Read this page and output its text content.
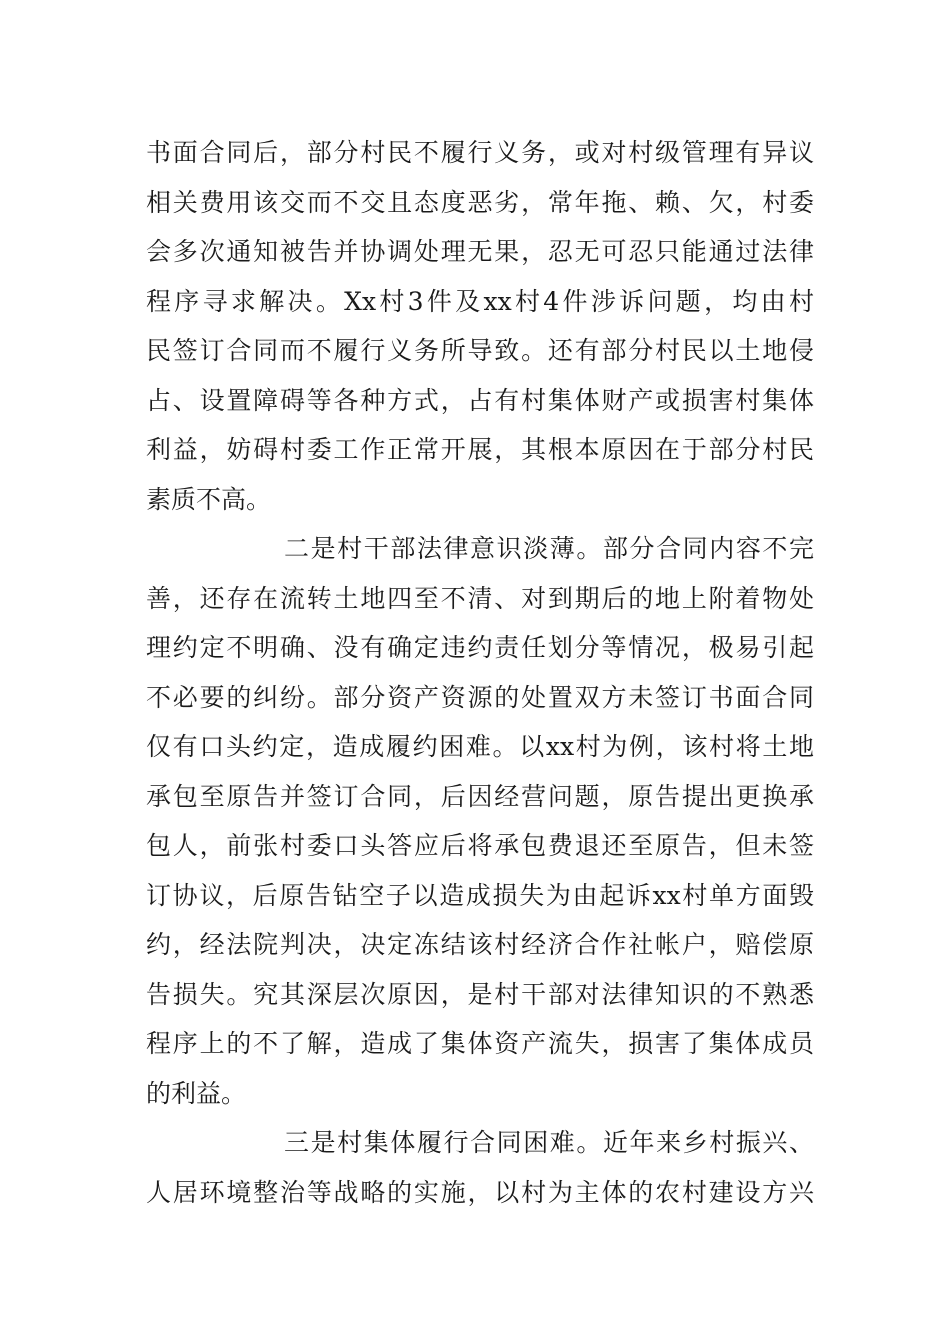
书面合同后，部分村民不履行义务，或对村级管理有异议
相关费用该交而不交且态度恶劣，常年拖、赖、欠，村委
会多次通知被告并协调处理无果，忍无可忍只能通过法律
程序寻求解决。Xx村3件及xx村4件涉诉问题，均由村
民签订合同而不履行义务所导致。还有部分村民以土地侵
占、设置障碍等各种方式，占有村集体财产或损害村集体
利益，妨碍村委工作正常开展，其根本原因在于部分村民
素质不高。
二是村干部法律意识淡薄。部分合同内容不完
善，还存在流转土地四至不清、对到期后的地上附着物处
理约定不明确、没有确定违约责任划分等情况，极易引起
不必要的纠纷。部分资产资源的处置双方未签订书面合同
仅有口头约定，造成履约困难。以xx村为例，该村将土地
承包至原告并签订合同，后因经营问题，原告提出更换承
包人，前张村委口头答应后将承包费退还至原告，但未签
订协议，后原告钻空子以造成损失为由起诉xx村单方面毁
约，经法院判决，决定冻结该村经济合作社帐户，赔偿原
告损失。究其深层次原因，是村干部对法律知识的不熟悉
程序上的不了解，造成了集体资产流失，损害了集体成员
的利益。
三是村集体履行合同困难。近年来乡村振兴、
人居环境整治等战略的实施，以村为主体的农村建设方兴
